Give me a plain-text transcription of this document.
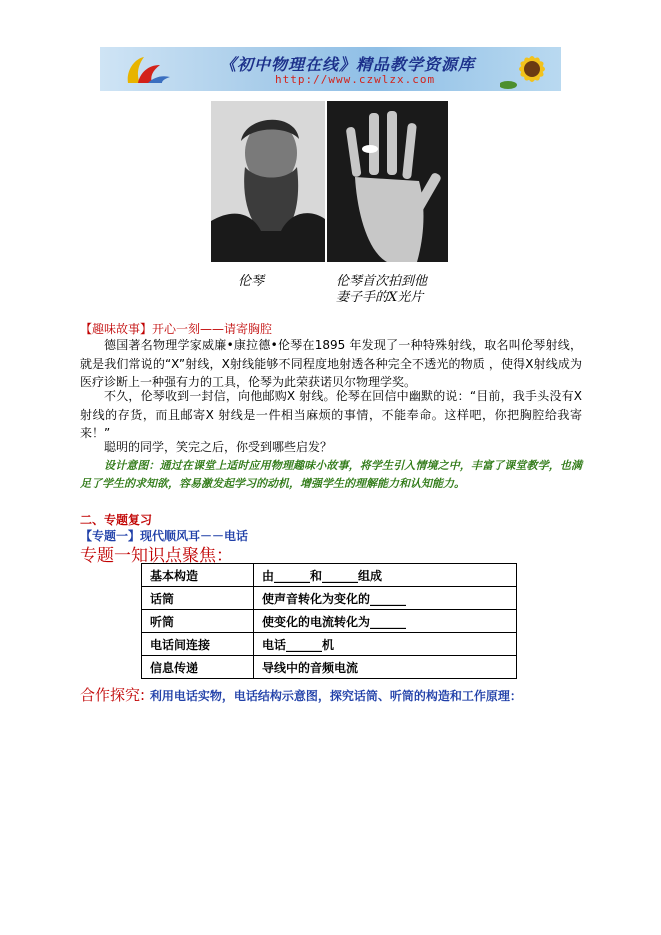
《初中物理在线》精品教学资源库
http://www.czwlzx.com
伦琴	伦琴首次拍到他
妻子手的X光片
【趣味故事】开心一刻——请寄胸腔

德国著名物理学家威廉•康拉德•伦琴在1895 年发现了一种特殊射线，取名叫伦琴射线，就是我们常说的“X”射线，X射线能够不同程度地射透各种完全不透光的物质 ，使得X射线成为医疗诊断上一种强有力的工具，伦琴为此荣获诺贝尔物理学奖。

不久，伦琴收到一封信，向他邮购X 射线。伦琴在回信中幽默的说：“目前，我手头没有X 射线的存货，而且邮寄X 射线是一件相当麻烦的事情，不能奉命。这样吧，你把胸腔给我寄来！”

聪明的同学，笑完之后，你受到哪些启发？

设计意图：通过在课堂上适时应用物理趣味小故事，将学生引入情境之中，丰富了课堂教学，也满足了学生的求知欲，容易激发起学习的动机，增强学生的理解能力和认知能力。

二、专题复习
【专题一】现代顺风耳－－电话
专题一知识点聚焦：
基本构造	由______和______组成
话筒	使声音转化为变化的______
听筒	使变化的电流转化为______
电话间连接	电话______机
信息传递	导线中的音频电流
合作探究: 利用电话实物，电话结构示意图，探究话筒、听筒的构造和工作原理：
